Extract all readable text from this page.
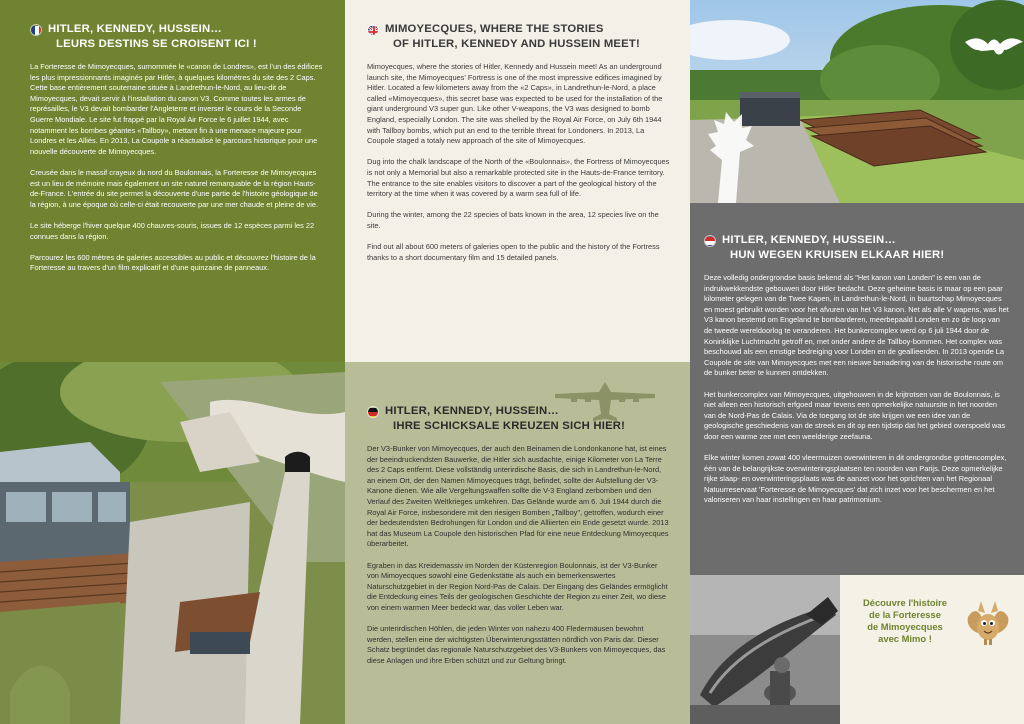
HITLER, KENNEDY, HUSSEIN…
LEURS DESTINS SE CROISENT ICI !

La Forteresse de Mimoyecques, surnommée le «canon de Londres», est l'un des édifices les plus impressionnants imaginés par Hitler, à quelques kilomètres du site des 2 Caps. Cette base entièrement souterraine située à Landrethun-le-Nord, au lieu-dit de Mimoyecques, devait servir à l'installation du canon V3. Comme toutes les armes de représailles, le V3 devait bombarder l'Angleterre et inverser le cours de la Seconde Guerre Mondiale. Le site fut frappé par la Royal Air Force le 6 juillet 1944, avec notamment les bombes géantes «Tallboy», mettant fin à une menace majeure pour Londres et les Alliés. En 2013, La Coupole a réactualisé le parcours historique pour une nouvelle découverte de Mimoyecques.

Creusée dans le massif crayeux du nord du Boulonnais, la Forteresse de Mimoyecques est un lieu de mémoire mais également un site naturel remarquable de la région Hauts-de-France. L'entrée du site permet la découverte d'une partie de l'histoire géologique de la région, à une époque où celle-ci était recouverte par une mer chaude et pleine de vie.

Le site héberge l'hiver quelque 400 chauves-souris, issues de 12 espèces parmi les 22 connues dans la région.

Parcourez les 600 mètres de galeries accessibles au public et découvrez l'histoire de la Forteresse au travers d'un film explicatif et d'une quinzaine de panneaux.

MIMOYECQUES, WHERE THE STORIES
OF HITLER, KENNEDY AND HUSSEIN MEET!

Mimoyecques, where the stories of Hitler, Kennedy and Hussein meet! As an underground launch site, the Mimoyecques' Fortress is one of the most impressive edifices imagined by Hitler. Located a few kilometers away from the «2 Caps», in Landrethun-le-Nord, a place called «Mimoyecques», this secret base was expected to be used for the installation of the giant underground V3 super gun. Like other V-weapons, the V3 was designed to bomb England, especially London. The site was shelled by the Royal Air Force, on July 6th 1944 with Tallboy bombs, which put an end to the terrible threat for Londoners. In 2013, La Coupole staged a totaly new approach of the site of Mimoyecques.

Dug into the chalk landscape of the North of the «Boulonnais», the Fortress of Mimoyecques is not only a Memorial but also a remarkable protected site in the Hauts-de-France territory. The entrance to the site enables visitors to discover a part of the geological history of the territory at the time when it was covered by a warm sea full of life.

During the winter, among the 22 species of bats known in the area, 12 species live on the site.

Find out all about 600 meters of galeries open to the public and the history of the Fortress thanks to a short documentary film and 15 detailed panels.

HITLER, KENNEDY, HUSSEIN…
HUN WEGEN KRUISEN ELKAAR HIER!

Deze volledig ondergrondse basis bekend als "Het kanon van Londen" is een van de indrukwekkendste gebouwen door Hitler bedacht. Deze geheime basis is maar op een paar kilometer gelegen van de Twee Kapen, in Landrethun-le-Nord, in buurtschap Mimoyecques en moest gebruikt worden voor het afvuren van het V3 kanon. Net als alle V wapens, was het V3 kanon bestemd om Engeland te bombarderen, meerbepaald Londen en zo de loop van de tweede wereldoorlog te veranderen. Het bunkercomplex werd op 6 juli 1944 door de Koninklijke Luchtmacht getroff en, met onder andere de Tallboy-bommen. Het complex was beschouwd als een ernstige bedreiging voor Londen en de geallieerden. In 2013 opende La Coupole de site van Mimoyecques met een nieuwe benadering van de historische route om de bunker beter te kunnen ontdekken.

Het bunkercomplex van Mimoyecques, uitgehouwen in de krijtrotsen van de Boulonnais, is niet alleen een historisch erfgoed maar tevens een opmerkelijke natuursite in het noorden van de Nord-Pas de Calais. Via de toegang tot de site krijgen we een idee van de geologische geschiedenis van de streek en dit op een tijdstip dat het gebied overspoeld was door een warme zee met een weelderige zeefauna.

Elke winter komen zowat 400 vleermuizen overwinteren in dit ondergrondse grottencomplex, één van de belangrijkste overwinteringsplaatsen ten noorden van Parijs. Deze opmerkelijke rijke slaap- en overwinteringsplaats was de aanzet voor het oprichten van het Regionaal Natuurreservaat 'Forteresse de Mimoyecques' dat zich inzet voor het beschermen en het valoriseren van haar instellingen en haar patrimonium.

HITLER, KENNEDY, HUSSEIN…
IHRE SCHICKSALE KREUZEN SICH HIER!

Der V3-Bunker von Mimoyecques, der auch den Beinamen die Londonkanone hat, ist eines der beeindruckendsten Bauwerke, die Hitler sich ausdachte, einige Kilometer von La Terre des 2 Caps entfernt. Diese vollständig unterirdische Basis, die sich in Landrethun-le-Nord, an einem Ort, der den Namen Mimoyecques trägt, befindet, sollte der Aufstellung der V3- Kanone dienen. Wie alle Vergeltungswaffen sollte die V-3 England zerbomben und den Verlauf des Zweiten Weltkrieges umkehren. Das Gelände wurde am 6. Juli 1944 durch die Royal Air Force, insbesondere mit den riesigen Bomben „Tallboy", getroffen, wodurch einer der bedeutendsten Bedrohungen für London und die Alliierten ein Ende gesetzt wurde. 2013 hat das Museum La Coupole den historischen Pfad für eine neue Entdeckung Mimoyecques überarbeitet.

Egraben in das Kreidemassiv im Norden der Küstenregion Boulonnais, ist der V3-Bunker von Mimoyecques sowohl eine Gedenkstätte als auch ein bemerkenswertes Naturschutzgebiet in der Region Nord-Pas de Calais. Der Eingang des Geländes ermöglicht die Entdeckung eines Teils der geologischen Geschichte der Region zu einer Zeit, wo diese von einem warmen Meer bedeckt war, das voller Leben war.

Die unterirdischen Höhlen, die jeden Winter von nahezu 400 Fledermäusen bewohnt werden, stellen eine der wichtigsten Überwinterungsstätten nördlich von Paris dar. Dieser Schatz begründet das regionale Naturschutzgebiet des V3-Bunkers von Mimoyecques, das diese Anlagen und ihre Erben schützt und zur Geltung bringt.

Découvre l'histoire
de la Forteresse
de Mimoyecques
avec Mimo !
